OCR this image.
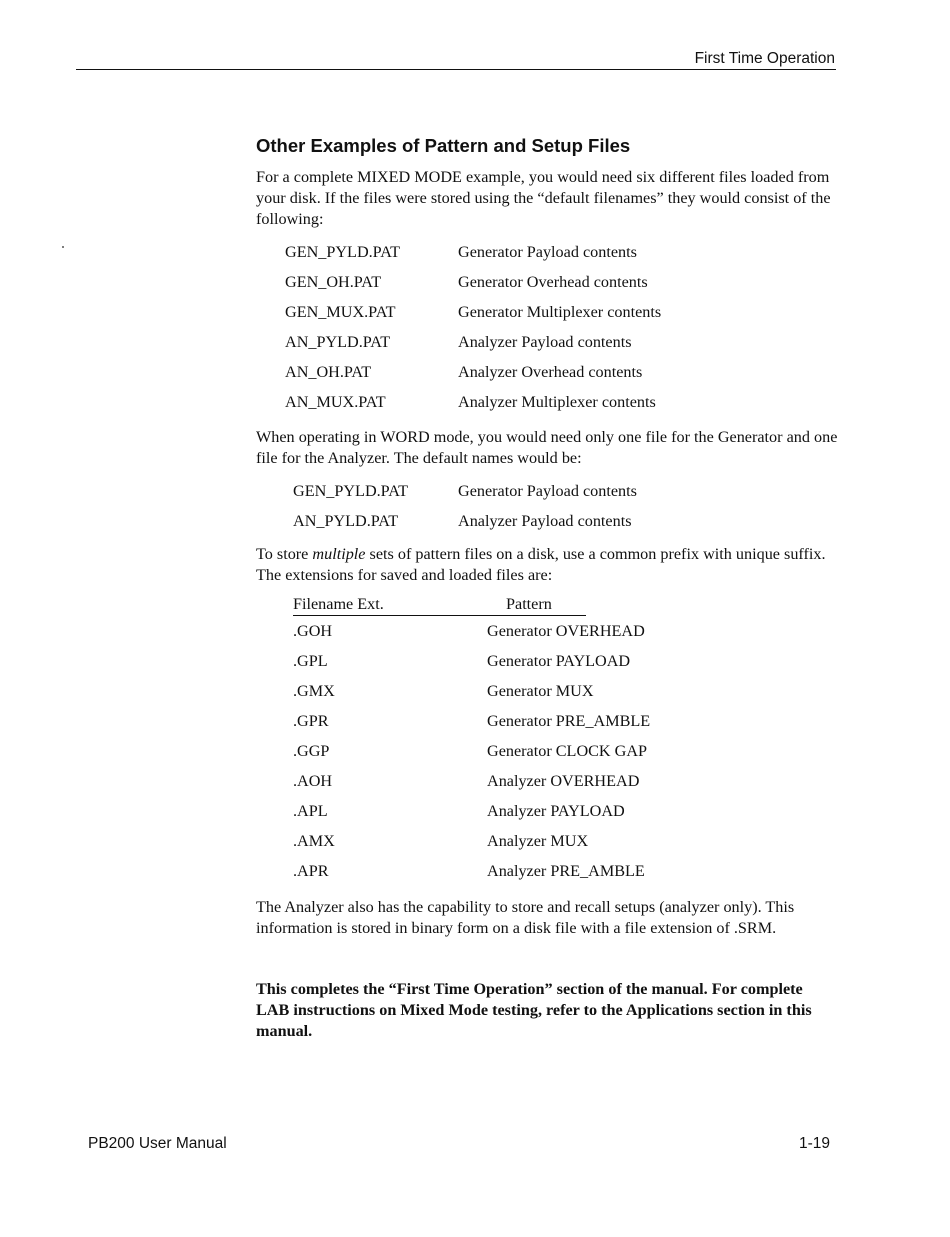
First Time Operation
Other Examples of Pattern and Setup Files

For a complete MIXED MODE example, you would need six different files loaded from your disk. If the files were stored using the “default filenames” they would consist of the following:

GEN_PYLD.PAT	Generator Payload contents
GEN_OH.PAT	Generator Overhead contents
GEN_MUX.PAT	Generator Multiplexer contents
AN_PYLD.PAT	Analyzer Payload contents
AN_OH.PAT	Analyzer Overhead contents
AN_MUX.PAT	Analyzer Multiplexer contents

When operating in WORD mode, you would need only one file for the Generator and one file for the Analyzer. The default names would be:

GEN_PYLD.PAT	Generator Payload contents
AN_PYLD.PAT	Analyzer Payload contents

To store multiple sets of pattern files on a disk, use a common prefix with unique suffix. The extensions for saved and loaded files are:

Filename Ext.	Pattern
.GOH	Generator OVERHEAD
.GPL	Generator PAYLOAD
.GMX	Generator MUX
.GPR	Generator PRE_AMBLE
.GGP	Generator CLOCK GAP
.AOH	Analyzer OVERHEAD
.APL	Analyzer PAYLOAD
.AMX	Analyzer MUX
.APR	Analyzer PRE_AMBLE

The Analyzer also has the capability to store and recall setups (analyzer only). This information is stored in binary form on a disk file with a file extension of .SRM.

This completes the “First Time Operation” section of the manual. For complete LAB instructions on Mixed Mode testing, refer to the Applications section in this manual.

PB200 User Manual	1-19
